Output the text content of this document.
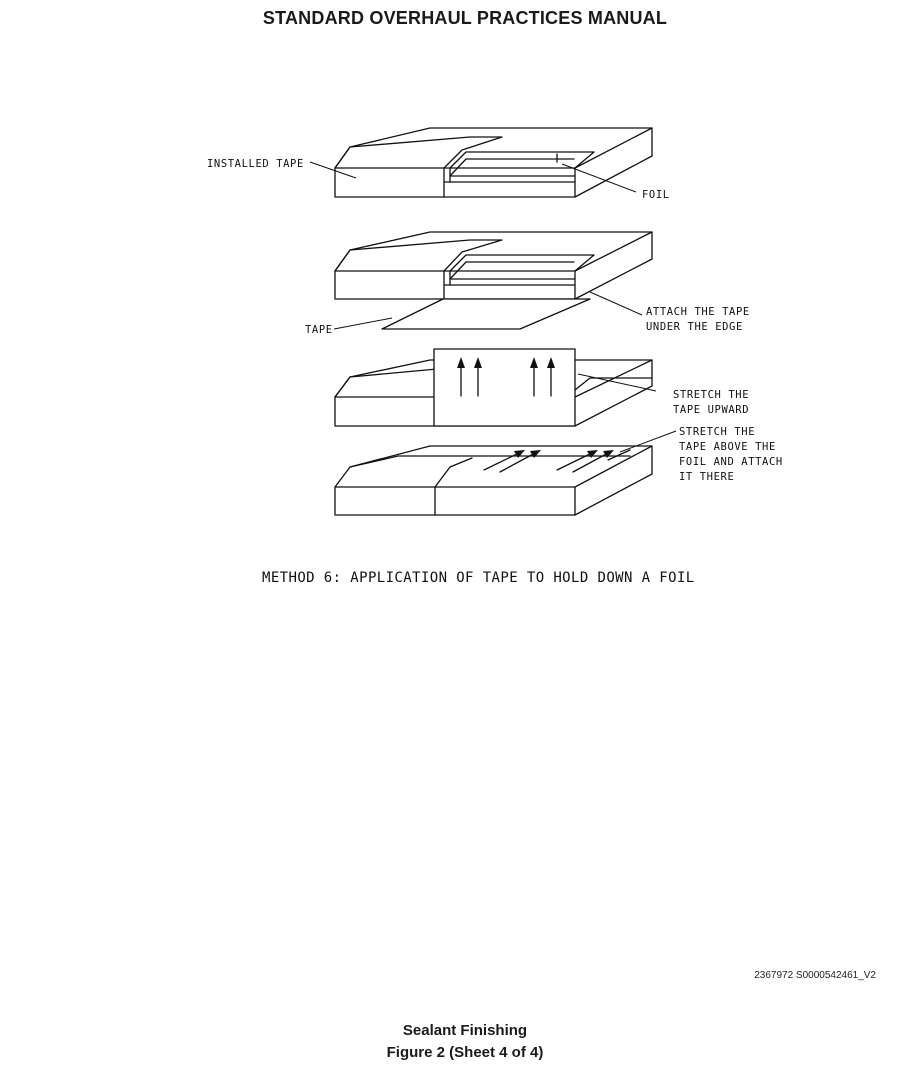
STANDARD OVERHAUL PRACTICES MANUAL
INSTALLED TAPE
FOIL
TAPE
ATTACH THE TAPE
UNDER THE EDGE
STRETCH THE
TAPE UPWARD
STRETCH THE
TAPE ABOVE THE
FOIL AND ATTACH
IT THERE
METHOD 6: APPLICATION OF TAPE TO HOLD DOWN A FOIL
2367972 S0000542461_V2
Sealant Finishing
Figure 2 (Sheet 4 of 4)
